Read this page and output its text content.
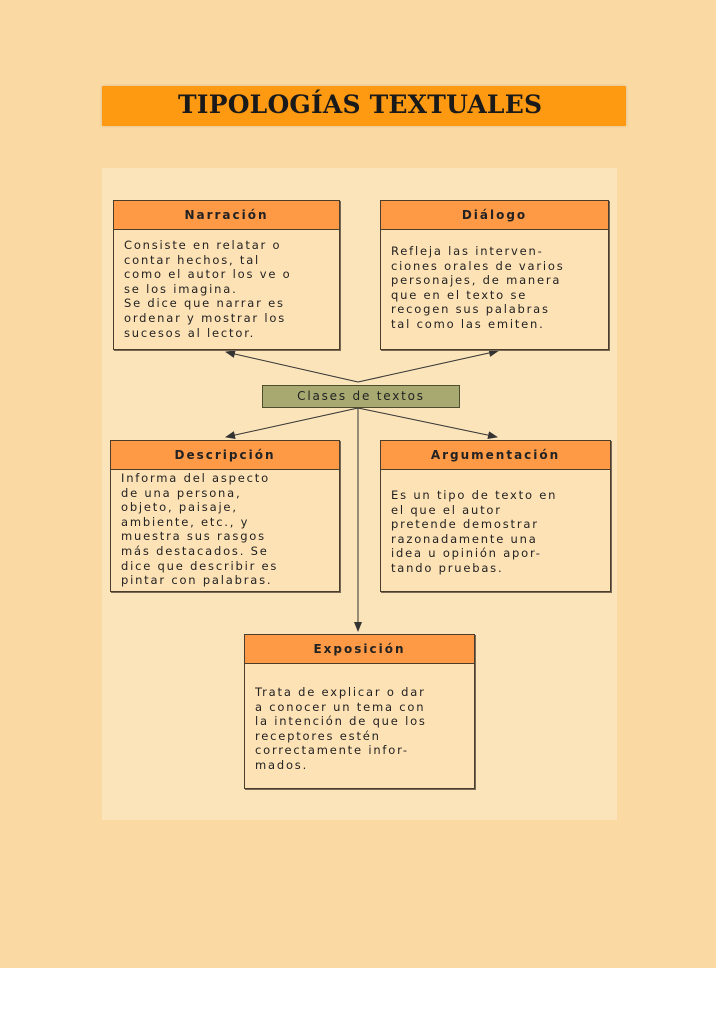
TIPOLOGÍAS TEXTUALES
Narración
Consiste en relatar o
contar hechos, tal
como el autor los ve o
se los imagina.
Se dice que narrar es
ordenar y mostrar los
sucesos al lector.
Diálogo
Refleja las interven-
ciones orales de varios
personajes, de manera
que en el texto se
recogen sus palabras
tal como las emiten.
Clases de textos
Descripción
Informa del aspecto
de una persona,
objeto, paisaje,
ambiente, etc., y
muestra sus rasgos
más destacados. Se
dice que describir es
pintar con palabras.
Argumentación
Es un tipo de texto en
el que el autor
pretende demostrar
razonadamente una
idea u opinión apor-
tando pruebas.
Exposición
Trata de explicar o dar
a conocer un tema con
la intención de que los
receptores estén
correctamente infor-
mados.
